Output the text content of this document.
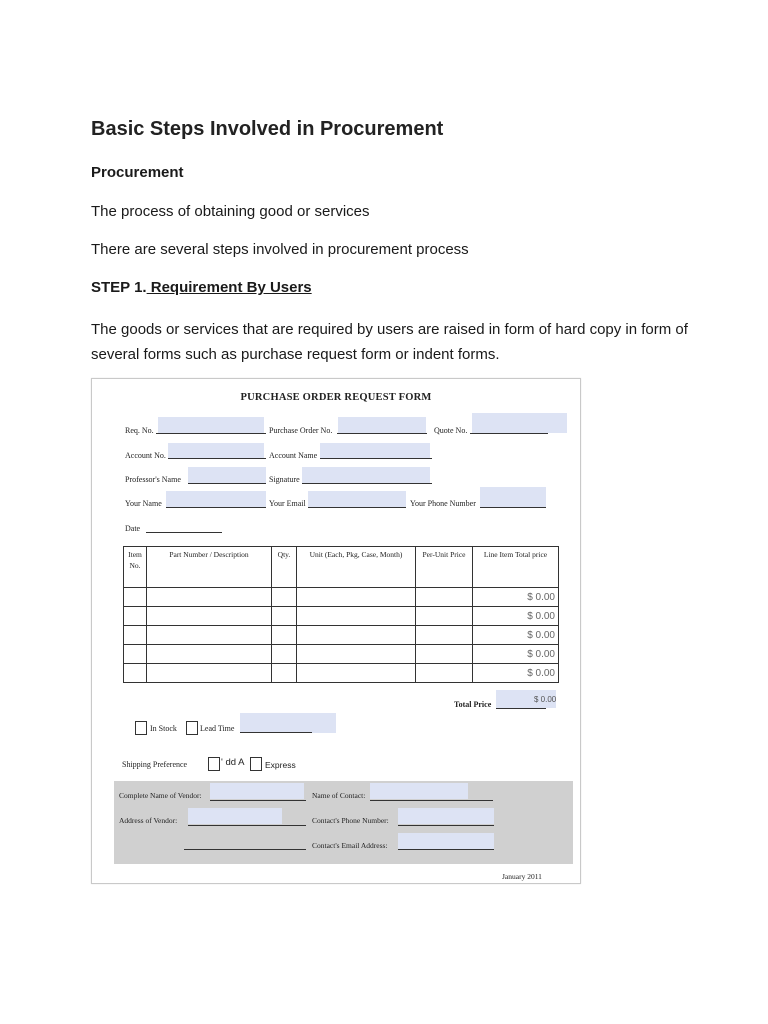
Basic Steps Involved in Procurement
Procurement
The process of obtaining good or services
There are several steps involved in procurement process
STEP 1. Requirement By Users
The goods or services that are required by users are raised in form of hard copy in form of several forms such as purchase request form or indent forms.
PURCHASE ORDER REQUEST FORM
Req. No.	Purchase Order No.	Quote No.
Account No.	Account Name
Professor's Name	Signature
Your Name	Your Email	Your Phone Number
Date
Item No.	Part Number / Description	Qty.	Unit (Each, Pkg, Case, Month)	Per-Unit Price	Line Item Total price
					$ 0.00
					$ 0.00
					$ 0.00
					$ 0.00
					$ 0.00
Total Price
$ 0.00
In Stock	Lead Time
Shipping Preference	' dd A Express
Complete Name of Vendor:	Name of Contact:
Address of Vendor:	Contact's Phone Number:
Contact's Email Address:
January 2011
